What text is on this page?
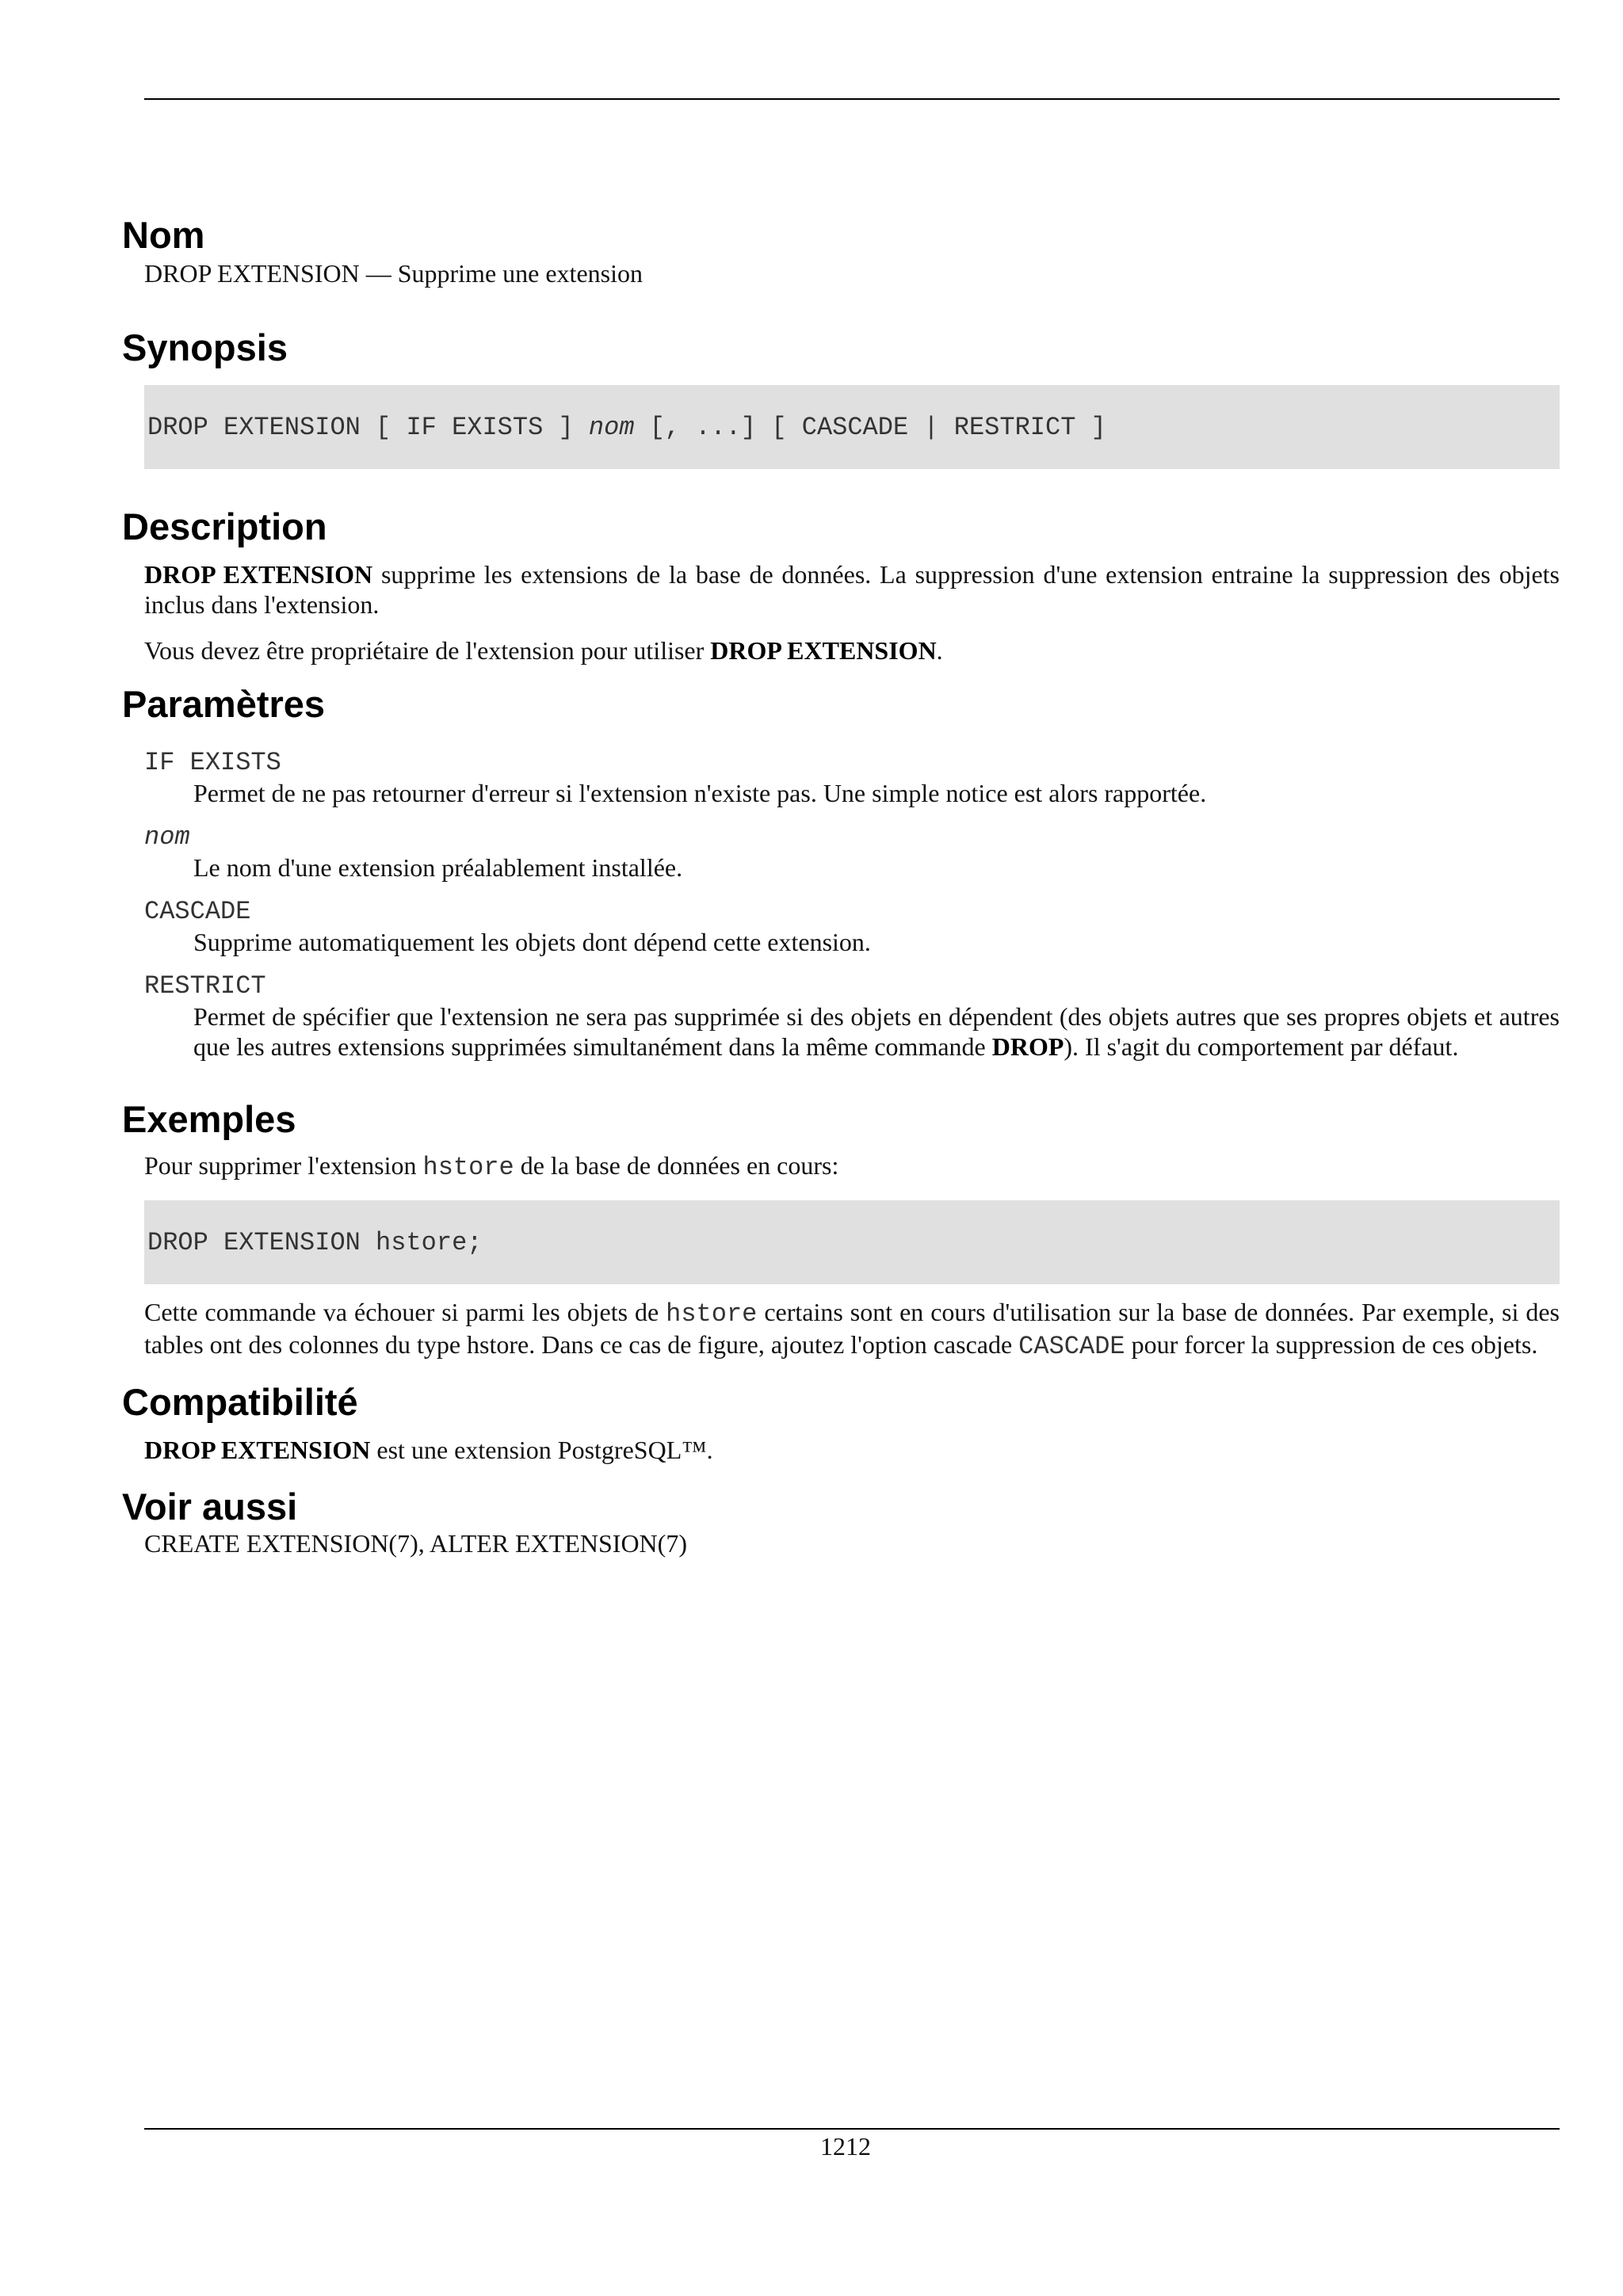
Nom

DROP EXTENSION — Supprime une extension

Synopsis
DROP EXTENSION [ IF EXISTS ] nom [, ...] [ CASCADE | RESTRICT ]
Description

DROP EXTENSION supprime les extensions de la base de données. La suppression d'une extension entraine la suppression des objets inclus dans l'extension.

Vous devez être propriétaire de l'extension pour utiliser DROP EXTENSION.

Paramètres
IF EXISTS
Permet de ne pas retourner d'erreur si l'extension n'existe pas. Une simple notice est alors rapportée.
nom
Le nom d'une extension préalablement installée.
CASCADE
Supprime automatiquement les objets dont dépend cette extension.
RESTRICT
Permet de spécifier que l'extension ne sera pas supprimée si des objets en dépendent (des objets autres que ses propres objets et autres que les autres extensions supprimées simultanément dans la même commande DROP). Il s'agit du comportement par défaut.
Exemples

Pour supprimer l'extension hstore de la base de données en cours:

DROP EXTENSION hstore;

Cette commande va échouer si parmi les objets de hstore certains sont en cours d'utilisation sur la base de données. Par exemple, si des tables ont des colonnes du type hstore. Dans ce cas de figure, ajoutez l'option cascade CASCADE pour forcer la suppression de ces objets.

Compatibilité

DROP EXTENSION est une extension PostgreSQL™.

Voir aussi

CREATE EXTENSION(7), ALTER EXTENSION(7)

1212
